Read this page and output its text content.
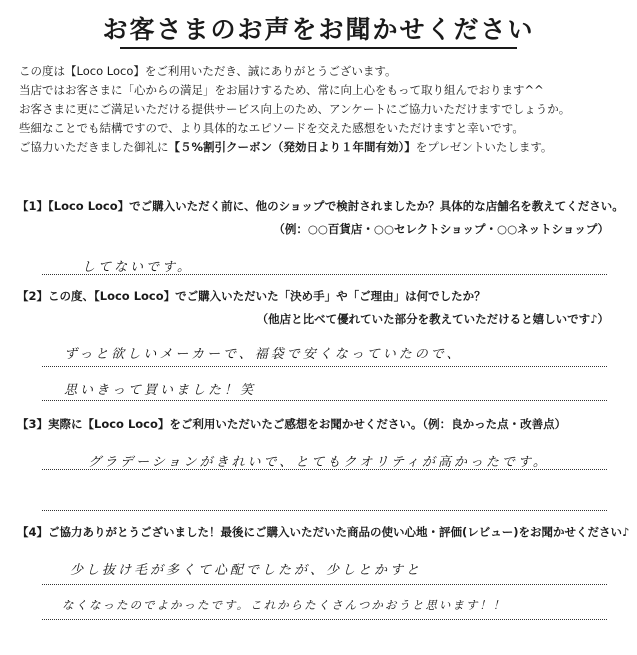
お客さまのお声をお聞かせください

この度は【Loco Loco】をご利用いただき、誠にありがとうございます。

当店ではお客さまに「心からの満足」をお届けするため、常に向上心をもって取り組んでおります^^

お客さまに更にご満足いただける提供サービス向上のため、アンケートにご協力いただけますでしょうか。

些細なことでも結構ですので、より具体的なエピソードを交えた感想をいただけますと幸いです。

ご協力いただきました御礼に【５%割引クーボン（発効日より１年間有効）】をプレゼントいたします。

【1】【Loco Loco】でご購入いただく前に、他のショップで検討されましたか？具体的な店舗名を教えてください。
（例：○○百貨店・○○セレクトショップ・○○ネットショップ）
してないです。
【2】この度、【Loco Loco】でご購入いただいた「決め手」や「ご理由」は何でしたか？
（他店と比べて優れていた部分を教えていただけると嬉しいです♪）
ずっと欲しいメーカーで、福袋で安くなっていたので、
思いきって買いました！笑
【3】実際に【Loco Loco】をご利用いただいたご感想をお聞かせください。（例：良かった点・改善点）
グラデーションがきれいで、とてもクオリティが高かったです。
【4】ご協力ありがとうございました！最後にご購入いただいた商品の使い心地・評価(レビュー)をお聞かせください♪
少し抜け毛が多くて心配でしたが、少しとかすと
なくなったのでよかったです。これからたくさんつかおうと思います！！
